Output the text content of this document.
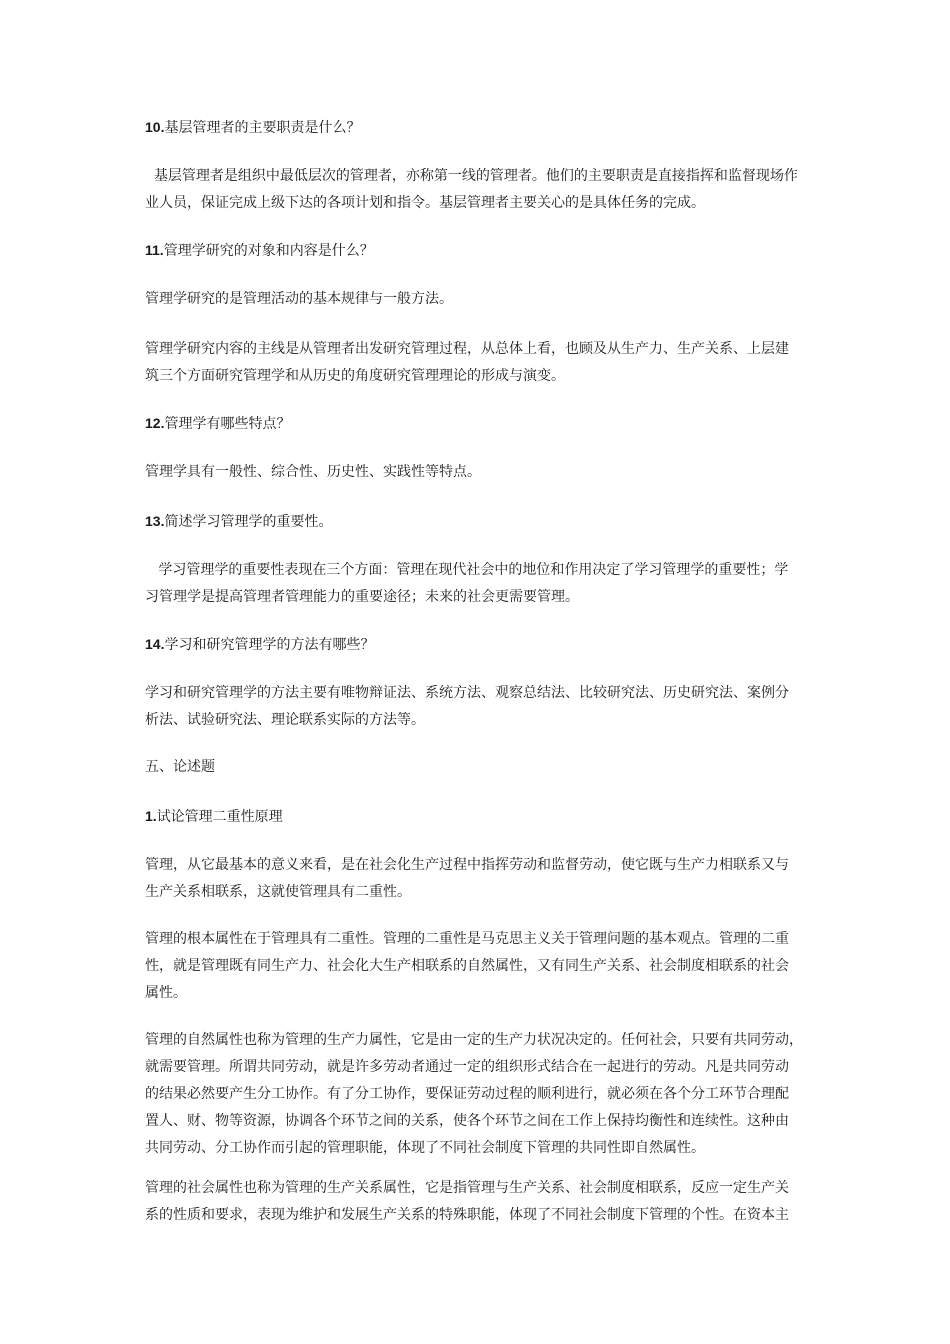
10.基层管理者的主要职责是什么？

基层管理者是组织中最低层次的管理者，亦称第一线的管理者。他们的主要职责是直接指挥和监督现场作
业人员，保证完成上级下达的各项计划和指令。基层管理者主要关心的是具体任务的完成。

11.管理学研究的对象和内容是什么？

管理学研究的是管理活动的基本规律与一般方法。

管理学研究内容的主线是从管理者出发研究管理过程，从总体上看，也顾及从生产力、生产关系、上层建
筑三个方面研究管理学和从历史的角度研究管理理论的形成与演变。

12.管理学有哪些特点？

管理学具有一般性、综合性、历史性、实践性等特点。

13.简述学习管理学的重要性。

学习管理学的重要性表现在三个方面：管理在现代社会中的地位和作用决定了学习管理学的重要性；学
习管理学是提高管理者管理能力的重要途径；未来的社会更需要管理。

14.学习和研究管理学的方法有哪些？

学习和研究管理学的方法主要有唯物辩证法、系统方法、观察总结法、比较研究法、历史研究法、案例分
析法、试验研究法、理论联系实际的方法等。

五、论述题

1.试论管理二重性原理

管理，从它最基本的意义来看，是在社会化生产过程中指挥劳动和监督劳动，使它既与生产力相联系又与
生产关系相联系，这就使管理具有二重性。

管理的根本属性在于管理具有二重性。管理的二重性是马克思主义关于管理问题的基本观点。管理的二重
性，就是管理既有同生产力、社会化大生产相联系的自然属性，又有同生产关系、社会制度相联系的社会
属性。

管理的自然属性也称为管理的生产力属性，它是由一定的生产力状况决定的。任何社会，只要有共同劳动，
就需要管理。所谓共同劳动，就是许多劳动者通过一定的组织形式结合在一起进行的劳动。凡是共同劳动
的结果必然要产生分工协作。有了分工协作，要保证劳动过程的顺利进行，就必须在各个分工环节合理配
置人、财、物等资源，协调各个环节之间的关系，使各个环节之间在工作上保持均衡性和连续性。这种由
共同劳动、分工协作而引起的管理职能，体现了不同社会制度下管理的共同性即自然属性。

管理的社会属性也称为管理的生产关系属性，它是指管理与生产关系、社会制度相联系，反应一定生产关
系的性质和要求，表现为维护和发展生产关系的特殊职能，体现了不同社会制度下管理的个性。在资本主
